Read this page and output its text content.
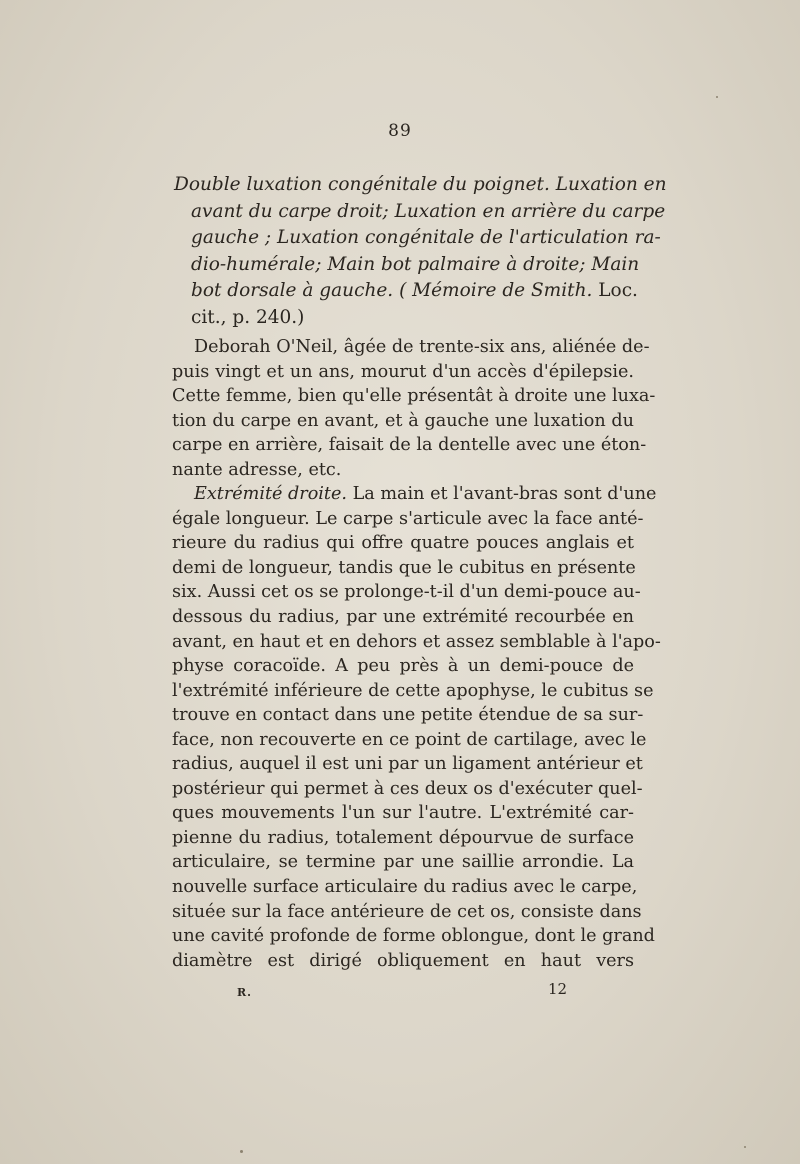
89
Double luxation congénitale du poignet. Luxation en
avant du carpe droit; Luxation en arrière du carpe
gauche ; Luxation congénitale de l'articulation ra-
dio-humérale; Main bot palmaire à droite; Main
bot dorsale à gauche. ( Mémoire de Smith. Loc.
cit., p. 240.)
Deborah O'Neil, âgée de trente-six ans, aliénée de-
puis vingt et un ans, mourut d'un accès d'épilepsie.
Cette femme, bien qu'elle présentât à droite une luxa-
tion du carpe en avant, et à gauche une luxation du
carpe en arrière, faisait de la dentelle avec une éton-
nante adresse, etc.
Extrémité droite. La main et l'avant-bras sont d'une
égale longueur. Le carpe s'articule avec la face anté-
rieure du radius qui offre quatre pouces anglais et
demi de longueur, tandis que le cubitus en présente
six. Aussi cet os se prolonge-t-il d'un demi-pouce au-
dessous du radius, par une extrémité recourbée en
avant, en haut et en dehors et assez semblable à l'apo-
physe coracoïde. A peu près à un demi-pouce de
l'extrémité inférieure de cette apophyse, le cubitus se
trouve en contact dans une petite étendue de sa sur-
face, non recouverte en ce point de cartilage, avec le
radius, auquel il est uni par un ligament antérieur et
postérieur qui permet à ces deux os d'exécuter quel-
ques mouvements l'un sur l'autre. L'extrémité car-
pienne du radius, totalement dépourvue de surface
articulaire, se termine par une saillie arrondie. La
nouvelle surface articulaire du radius avec le carpe,
située sur la face antérieure de cet os, consiste dans
une cavité profonde de forme oblongue, dont le grand
diamètre est dirigé obliquement en haut vers
R.	12
